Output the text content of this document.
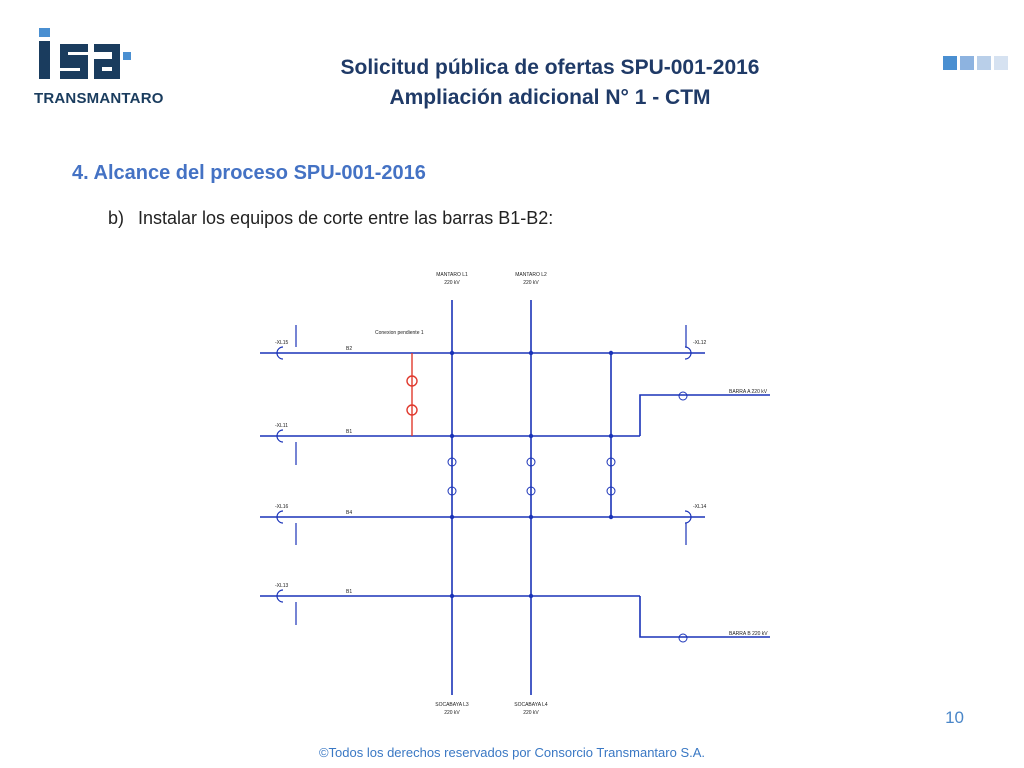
TRANSMANTARO
Solicitud pública de ofertas SPU-001-2016
Ampliación adicional N° 1 - CTM
4. Alcance del proceso SPU-001-2016
b) Instalar los equipos de corte entre las barras B1-B2:
MANTARO L1
220 kV
MANTARO L2
220 kV
SOCABAYA L3
220 kV
SOCABAYA L4
220 kV
B2
B1
B4
B1
-XL15
-XL11
-XL16
-XL13
-XL12
-XL14
Conexion pendiente 1
BARRA A 220 kV
BARRA B 220 kV
10
©Todos los derechos reservados por Consorcio Transmantaro S.A.
